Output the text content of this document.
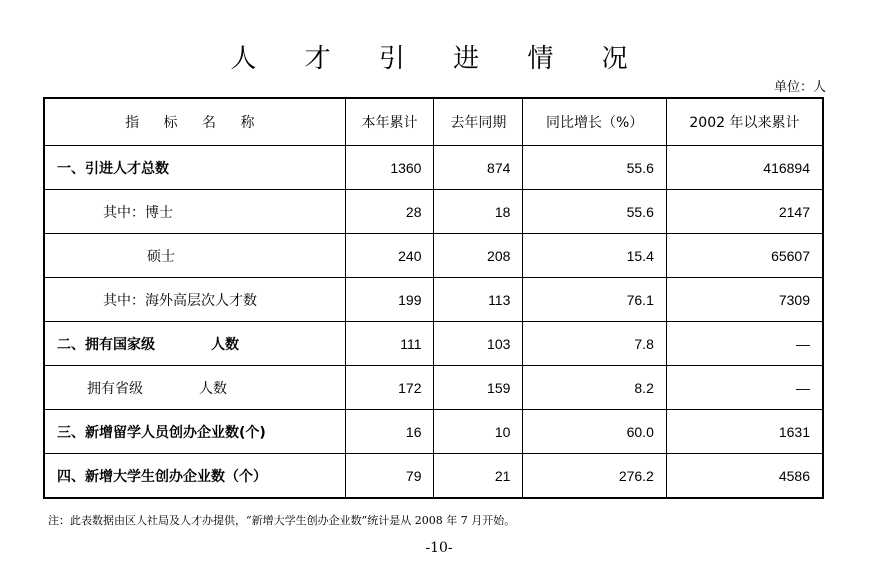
人 才 引 进 情 况
单位：人
指 标 名 称	本年累计	去年同期	同比增长（%）	2002 年以来累计
一、引进人才总数	1360	874	55.6	416894
其中：博士	28	18	55.6	2147
硕士	240	208	15.4	65607
其中：海外高层次人才数	199	113	76.1	7309
二、拥有国家级　　　　人数	111	103	7.8	—
拥有省级　　　　人数	172	159	8.2	—
三、新增留学人员创办企业数(个)	16	10	60.0	1631
四、新增大学生创办企业数（个）	79	21	276.2	4586
注：此表数据由区人社局及人才办提供，“新增大学生创办企业数”统计是从 2008 年 7 月开始。
-10-
